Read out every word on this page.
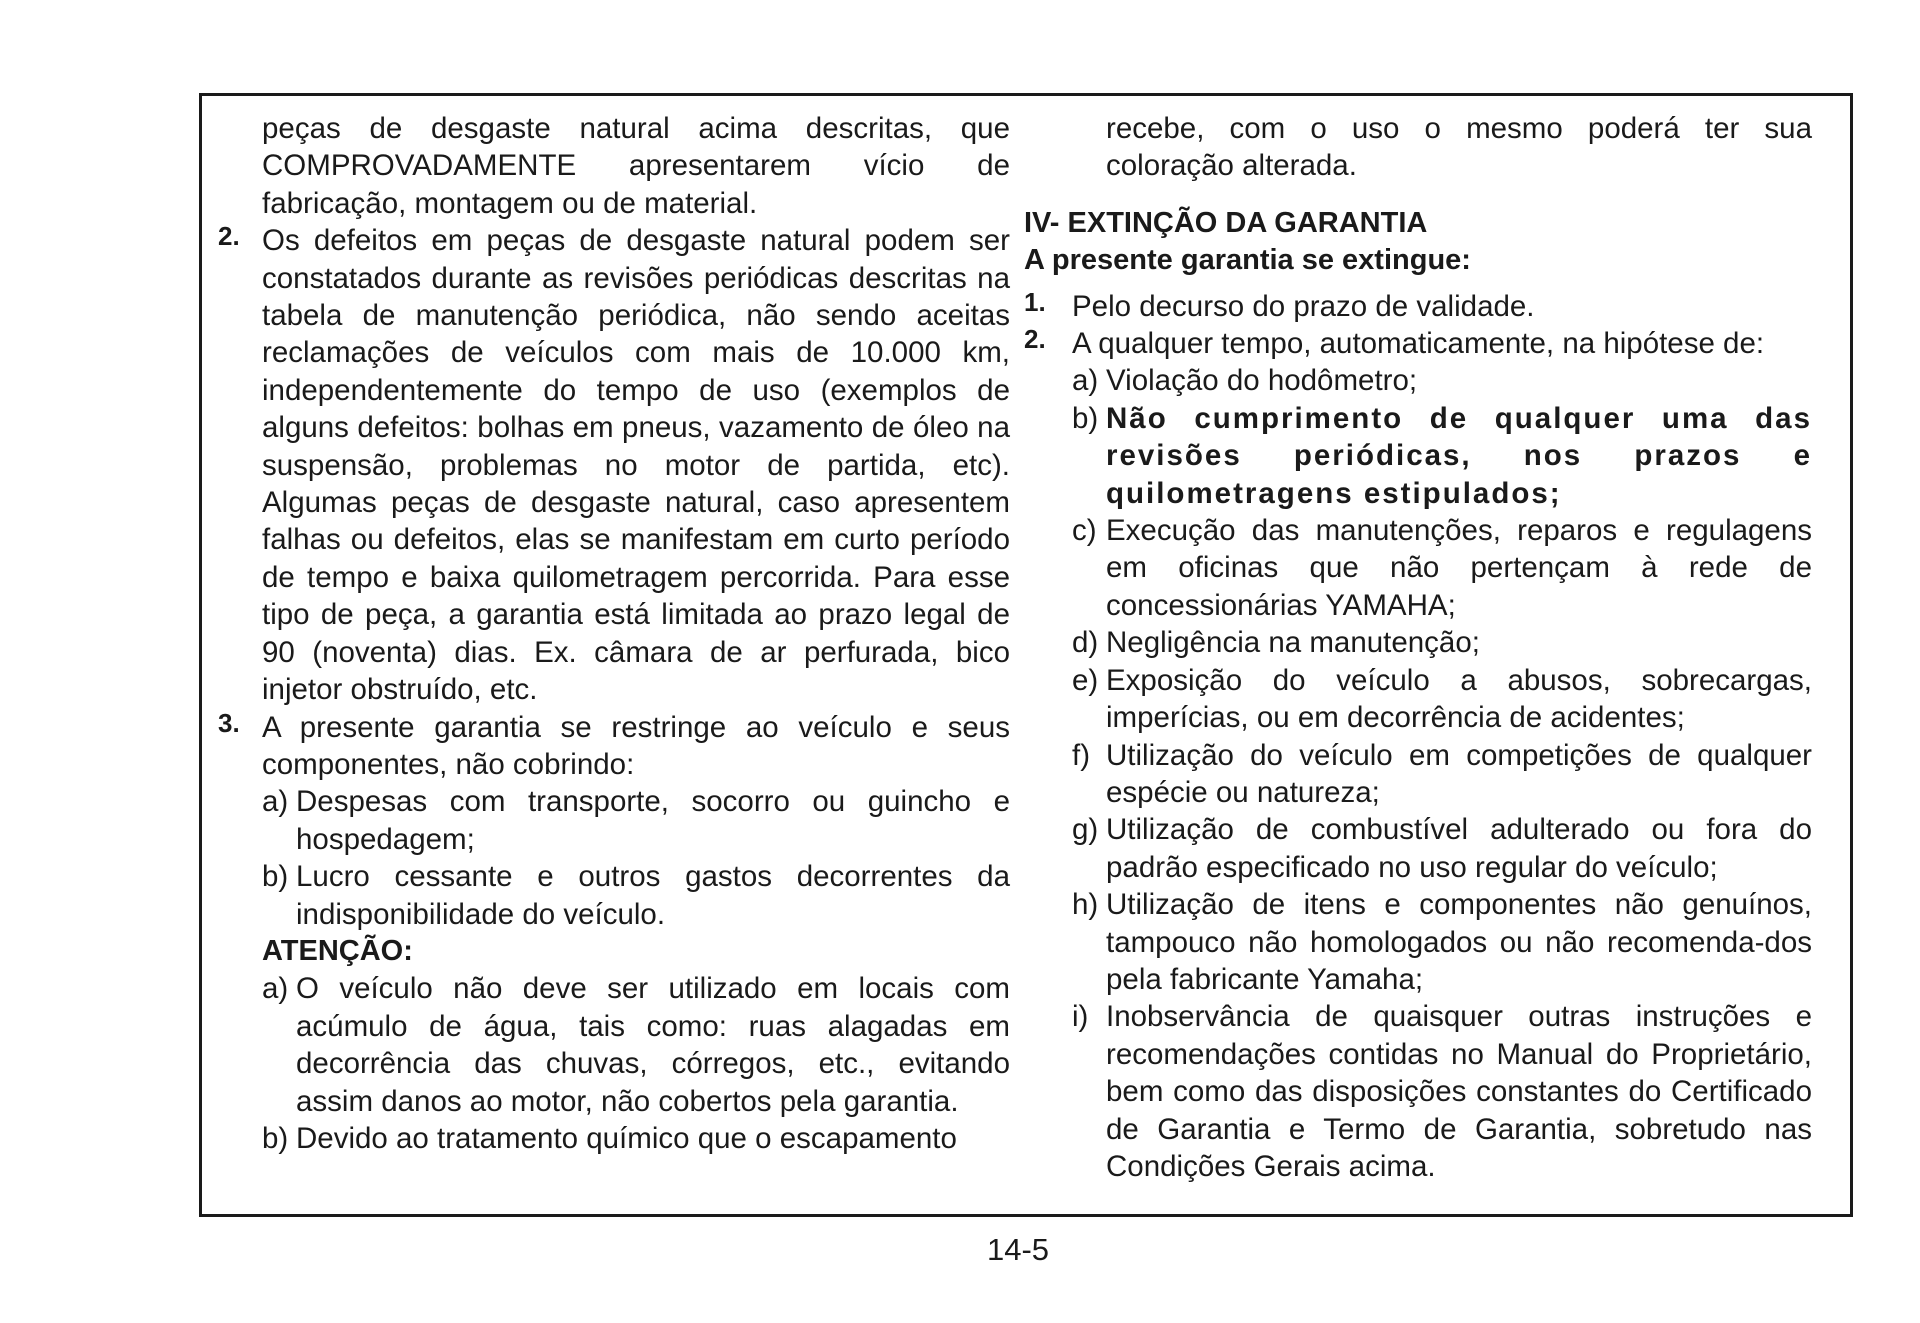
peças de desgaste natural acima descritas, que COMPROVADAMENTE apresentarem vício de fabricação, montagem ou de material.
2. Os defeitos em peças de desgaste natural podem ser constatados durante as revisões periódicas descritas na tabela de manutenção periódica, não sendo aceitas reclamações de veículos com mais de 10.000 km, independentemente do tempo de uso (exemplos de alguns defeitos: bolhas em pneus, vazamento de óleo na suspensão, problemas no motor de partida, etc). Algumas peças de desgaste natural, caso apresentem falhas ou defeitos, elas se manifestam em curto período de tempo e baixa quilometragem percorrida. Para esse tipo de peça, a garantia está limitada ao prazo legal de 90 (noventa) dias. Ex. câmara de ar perfurada, bico injetor obstruído, etc.
3. A presente garantia se restringe ao veículo e seus componentes, não cobrindo:
a) Despesas com transporte, socorro ou guincho e hospedagem;
b) Lucro cessante e outros gastos decorrentes da indisponibilidade do veículo.
ATENÇÃO:
a) O veículo não deve ser utilizado em locais com acúmulo de água, tais como: ruas alagadas em decorrência das chuvas, córregos, etc., evitando assim danos ao motor, não cobertos pela garantia.
b) Devido ao tratamento químico que o escapamento
recebe, com o uso o mesmo poderá ter sua coloração alterada.
IV- EXTINÇÃO DA GARANTIA
A presente garantia se extingue:
1. Pelo decurso do prazo de validade.
2. A qualquer tempo, automaticamente, na hipótese de:
a) Violação do hodômetro;
b) Não cumprimento de qualquer uma das revisões periódicas, nos prazos e quilometragens estipulados;
c) Execução das manutenções, reparos e regulagens em oficinas que não pertençam à rede de concessionárias YAMAHA;
d) Negligência na manutenção;
e) Exposição do veículo a abusos, sobrecargas, imperícias, ou em decorrência de acidentes;
f) Utilização do veículo em competições de qualquer espécie ou natureza;
g) Utilização de combustível adulterado ou fora do padrão especificado no uso regular do veículo;
h) Utilização de itens e componentes não genuínos, tampouco não homologados ou não recomenda-dos pela fabricante Yamaha;
i) Inobservância de quaisquer outras instruções e recomendações contidas no Manual do Proprietário, bem como das disposições constantes do Certificado de Garantia e Termo de Garantia, sobretudo nas Condições Gerais acima.
14-5
